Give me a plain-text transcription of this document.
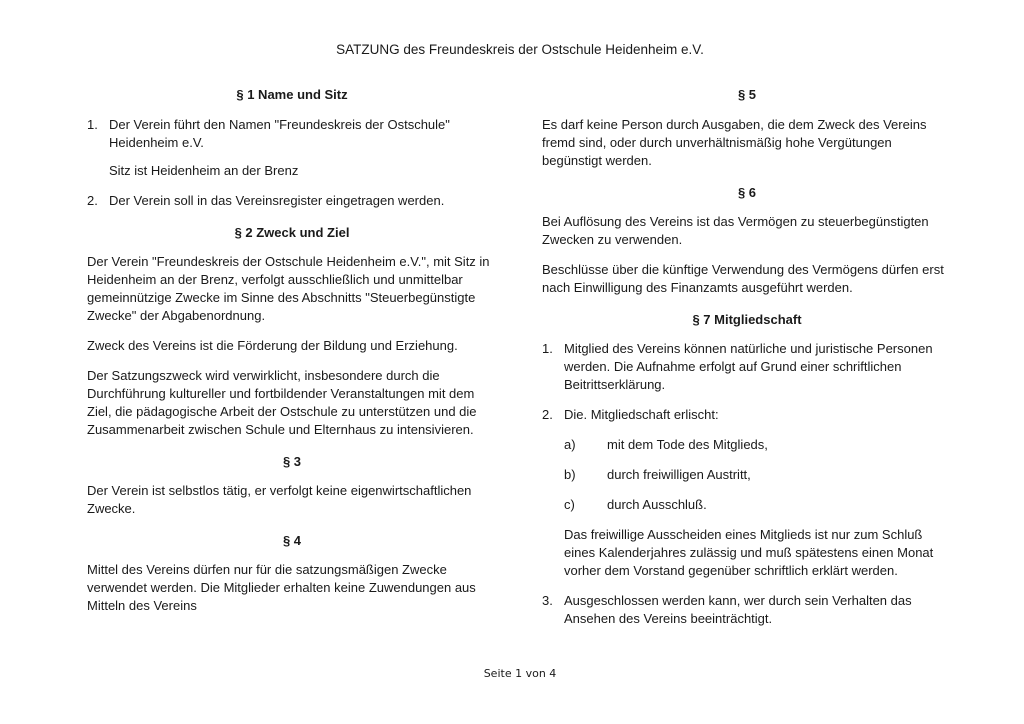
SATZUNG des Freundeskreis der Ostschule Heidenheim e.V.
§ 1 Name und Sitz
1. Der Verein führt den Namen "Freundeskreis der Ostschule"
Heidenheim e.V.
Sitz ist Heidenheim an der Brenz
2. Der Verein soll in das Vereinsregister eingetragen werden.
§ 2 Zweck und Ziel

Der Verein "Freundeskreis der Ostschule Heidenheim e.V.", mit Sitz in Heidenheim an der Brenz, verfolgt ausschließlich und unmittelbar gemeinnützige Zwecke im Sinne des Abschnitts "Steuerbegünstigte Zwecke" der Abgabenordnung.

Zweck des Vereins ist die Förderung der Bildung und Erziehung.

Der Satzungszweck wird verwirklicht, insbesondere durch die Durchführung kultureller und fortbildender Veranstaltungen mit dem Ziel, die pädagogische Arbeit der Ostschule zu unterstützen und die Zusammenarbeit zwischen Schule und Elternhaus zu intensivieren.

§ 3

Der Verein ist selbstlos tätig, er verfolgt keine eigenwirtschaftlichen Zwecke.

§ 4

Mittel des Vereins dürfen nur für die satzungsmäßigen Zwecke verwendet werden. Die Mitglieder erhalten keine Zuwendungen aus Mitteln des Vereins

§ 5

Es darf keine Person durch Ausgaben, die dem Zweck des Vereins fremd sind, oder durch unverhältnismäßig hohe Vergütungen begünstigt werden.

§ 6

Bei Auflösung des Vereins ist das Vermögen zu steuerbegünstigten Zwecken zu verwenden.

Beschlüsse über die künftige Verwendung des Vermögens dürfen erst nach Einwilligung des Finanzamts ausgeführt werden.

§ 7 Mitgliedschaft
1. Mitglied des Vereins können natürliche und juristische Personen werden. Die Aufnahme erfolgt auf Grund einer schriftlichen Beitrittserklärung.
2. Die. Mitgliedschaft erlischt:
a)	mit dem Tode des Mitglieds,
b)	durch freiwilligen Austritt,
c)	durch Ausschluß.

Das freiwillige Ausscheiden eines Mitglieds ist nur zum Schluß eines Kalenderjahres zulässig und muß spätestens einen Monat vorher dem Vorstand gegenüber schriftlich erklärt werden.

3. Ausgeschlossen werden kann, wer durch sein Verhalten das Ansehen des Vereins beeinträchtigt.
Seite 1 von 4
